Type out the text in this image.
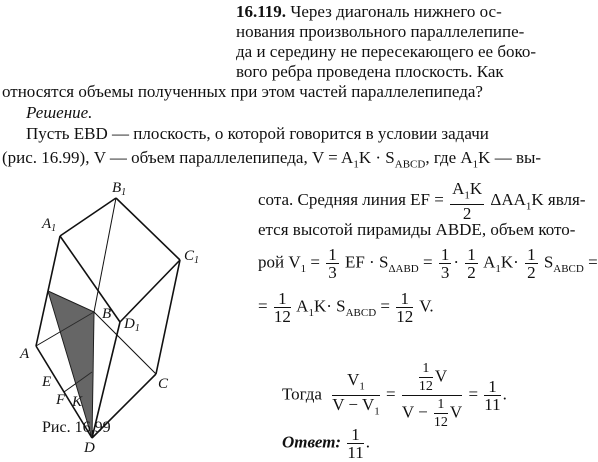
16.119. Через диагональ нижнего ос-
нования произвольного параллелепипе-
да и середину не пересекающего ее боко-
вого ребра проведена плоскость. Как
относятся объемы полученных при этом частей параллелепипеда?
Решение.
Пусть EBD — плоскость, о которой говорится в условии задачи
(рис. 16.99), V — объем параллелепипеда, $V = A_1K \cdot S_{ABCD}$, где $A_1K$ — вы-
сота. Средняя линия EF = $\frac{A_1K}{2} \Delta AA_1K$ явля-
ется высотой пирамиды ABDE, объем кото-
рой $V_1 = \frac{1}{3}$ EF · $S_{\Delta ABD} = \frac{1}{3} \cdot \frac{1}{2} A_1K\cdot \frac{1}{2} S_{ABCD}$ =
= $\frac{1}{12} A_1K\cdot S_{ABCD} = \frac{1}{12} V$.
Тогда $\frac{V_1}{V - V_1} = \frac{\frac{1}{12} V}{V - \frac{1}{12} V} = \frac{1}{11}$ .
Ответ: $\frac{1}{11}$ .
$B_1$
$A_1$
$C_1$
$D_1$
B
C
E
F K
A
D
Рис. 16.99
